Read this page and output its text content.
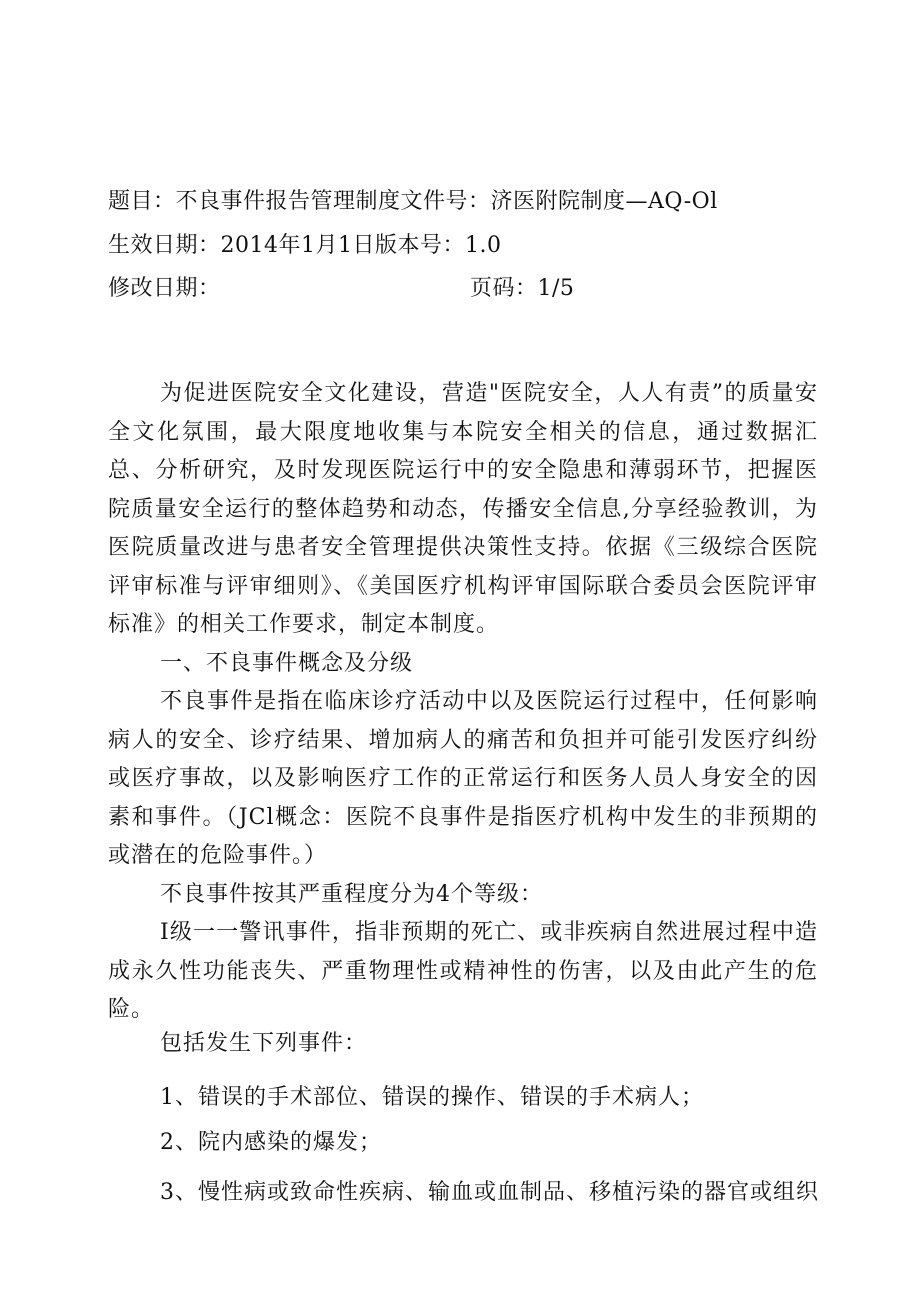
题目：不良事件报告管理制度文件号：济医附院制度—AQ-Ol
生效日期：2014年1月1日版本号：1.0
修改日期：	页码：1/5

为促进医院安全文化建设，营造"医院安全，人人有责”的质量安全文化氛围，最大限度地收集与本院安全相关的信息，通过数据汇总、分析研究，及时发现医院运行中的安全隐患和薄弱环节，把握医院质量安全运行的整体趋势和动态，传播安全信息,分享经验教训，为医院质量改进与患者安全管理提供决策性支持。依据《三级综合医院评审标准与评审细则》、《美国医疗机构评审国际联合委员会医院评审标准》的相关工作要求，制定本制度。

一、不良事件概念及分级

不良事件是指在临床诊疗活动中以及医院运行过程中，任何影响病人的安全、诊疗结果、增加病人的痛苦和负担并可能引发医疗纠纷或医疗事故，以及影响医疗工作的正常运行和医务人员人身安全的因素和事件。（JCl概念：医院不良事件是指医疗机构中发生的非预期的或潜在的危险事件。）

不良事件按其严重程度分为4个等级：

I级一一警讯事件，指非预期的死亡、或非疾病自然进展过程中造成永久性功能丧失、严重物理性或精神性的伤害，以及由此产生的危险。

包括发生下列事件：

1、错误的手术部位、错误的操作、错误的手术病人；

2、院内感染的爆发；

3、慢性病或致命性疾病、输血或血制品、移植污染的器官或组织
